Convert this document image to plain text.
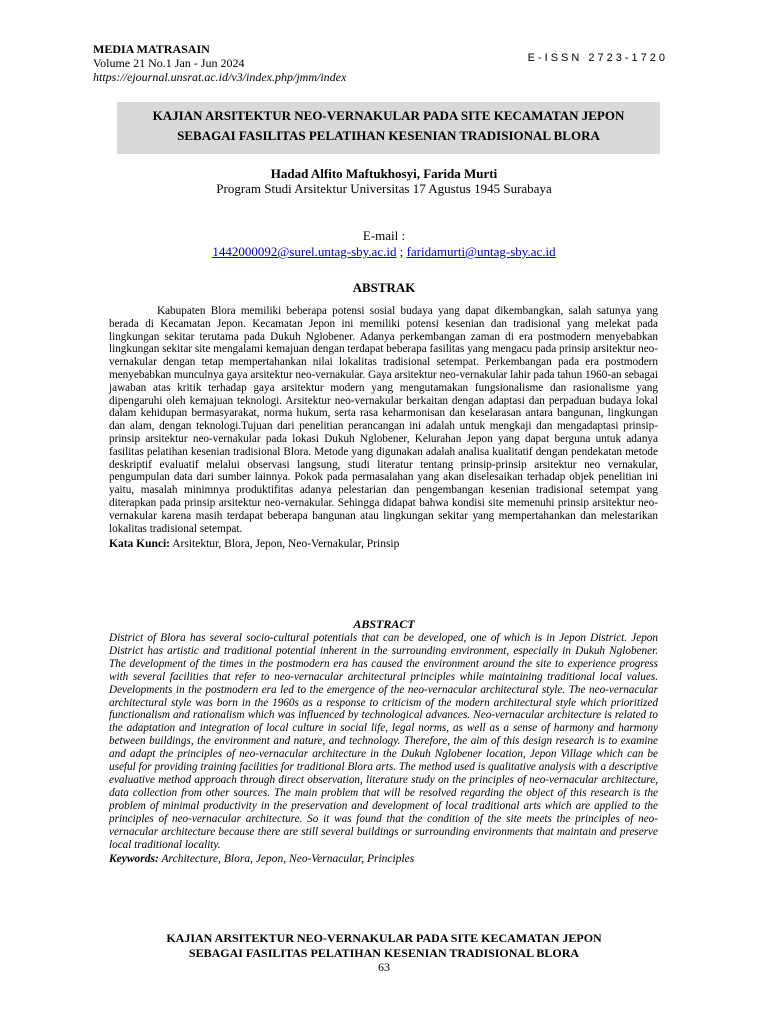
MEDIA MATRASAIN
Volume 21 No.1 Jan - Jun 2024
https://ejournal.unsrat.ac.id/v3/index.php/jmm/index
E-ISSN 2723-1720
KAJIAN ARSITEKTUR NEO-VERNAKULAR PADA SITE KECAMATAN JEPON
SEBAGAI FASILITAS PELATIHAN KESENIAN TRADISIONAL BLORA
Hadad Alfito Maftukhosyi, Farida Murti
Program Studi Arsitektur Universitas 17 Agustus 1945 Surabaya
E-mail :
1442000092@surel.untag-sby.ac.id ; faridamurti@untag-sby.ac.id
ABSTRAK

Kabupaten Blora memiliki beberapa potensi sosial budaya yang dapat dikembangkan, salah satunya yang berada di Kecamatan Jepon. Kecamatan Jepon ini memiliki potensi kesenian dan tradisional yang melekat pada lingkungan sekitar terutama pada Dukuh Nglobener. Adanya perkembangan zaman di era postmodern menyebabkan lingkungan sekitar site mengalami kemajuan dengan terdapat beberapa fasilitas yang mengacu pada prinsip arsitektur neo-vernakular dengan tetap mempertahankan nilai lokalitas tradisional setempat. Perkembangan pada era postmodern menyebabkan munculnya gaya arsitektur neo-vernakular. Gaya arsitektur neo-vernakular lahir pada tahun 1960-an sebagai jawaban atas kritik terhadap gaya arsitektur modern yang mengutamakan fungsionalisme dan rasionalisme yang dipengaruhi oleh kemajuan teknologi. Arsitektur neo-vernakular berkaitan dengan adaptasi dan perpaduan budaya lokal dalam kehidupan bermasyarakat, norma hukum, serta rasa keharmonisan dan keselarasan antara bangunan, lingkungan dan alam, dengan teknologi.Tujuan dari penelitian perancangan ini adalah untuk mengkaji dan mengadaptasi prinsip-prinsip arsitektur neo-vernakular pada lokasi Dukuh Nglobener, Kelurahan Jepon yang dapat berguna untuk adanya fasilitas pelatihan kesenian tradisional Blora. Metode yang digunakan adalah analisa kualitatif dengan pendekatan metode deskriptif evaluatif melalui observasi langsung, studi literatur tentang prinsip-prinsip arsitektur neo vernakular, pengumpulan data dari sumber lainnya. Pokok pada permasalahan yang akan diselesaikan terhadap objek penelitian ini yaitu, masalah minimnya produktifitas adanya pelestarian dan pengembangan kesenian tradisional setempat yang diterapkan pada prinsip arsitektur neo-vernakular. Sehingga didapat bahwa kondisi site memenuhi prinsip arsitektur neo-vernakular karena masih terdapat beberapa bangunan atau lingkungan sekitar yang mempertahankan dan melestarikan lokalitas tradisional setempat.

Kata Kunci: Arsitektur, Blora, Jepon, Neo-Vernakular, Prinsip
ABSTRACT

District of Blora has several socio-cultural potentials that can be developed, one of which is in Jepon District. Jepon District has artistic and traditional potential inherent in the surrounding environment, especially in Dukuh Nglobener. The development of the times in the postmodern era has caused the environment around the site to experience progress with several facilities that refer to neo-vernacular architectural principles while maintaining traditional local values. Developments in the postmodern era led to the emergence of the neo-vernacular architectural style. The neo-vernacular architectural style was born in the 1960s as a response to criticism of the modern architectural style which prioritized functionalism and rationalism which was influenced by technological advances. Neo-vernacular architecture is related to the adaptation and integration of local culture in social life, legal norms, as well as a sense of harmony and harmony between buildings, the environment and nature, and technology. Therefore, the aim of this design research is to examine and adapt the principles of neo-vernacular architecture in the Dukuh Nglobener location, Jepon Village which can be useful for providing training facilities for traditional Blora arts. The method used is qualitative analysis with a descriptive evaluative method approach through direct observation, literature study on the principles of neo-vernacular architecture, data collection from other sources. The main problem that will be resolved regarding the object of this research is the problem of minimal productivity in the preservation and development of local traditional arts which are applied to the principles of neo-vernacular architecture. So it was found that the condition of the site meets the principles of neo-vernacular architecture because there are still several buildings or surrounding environments that maintain and preserve local traditional locality.

Keywords: Architecture, Blora, Jepon, Neo-Vernacular, Principles
KAJIAN ARSITEKTUR NEO-VERNAKULAR PADA SITE KECAMATAN JEPON
SEBAGAI FASILITAS PELATIHAN KESENIAN TRADISIONAL BLORA
63
